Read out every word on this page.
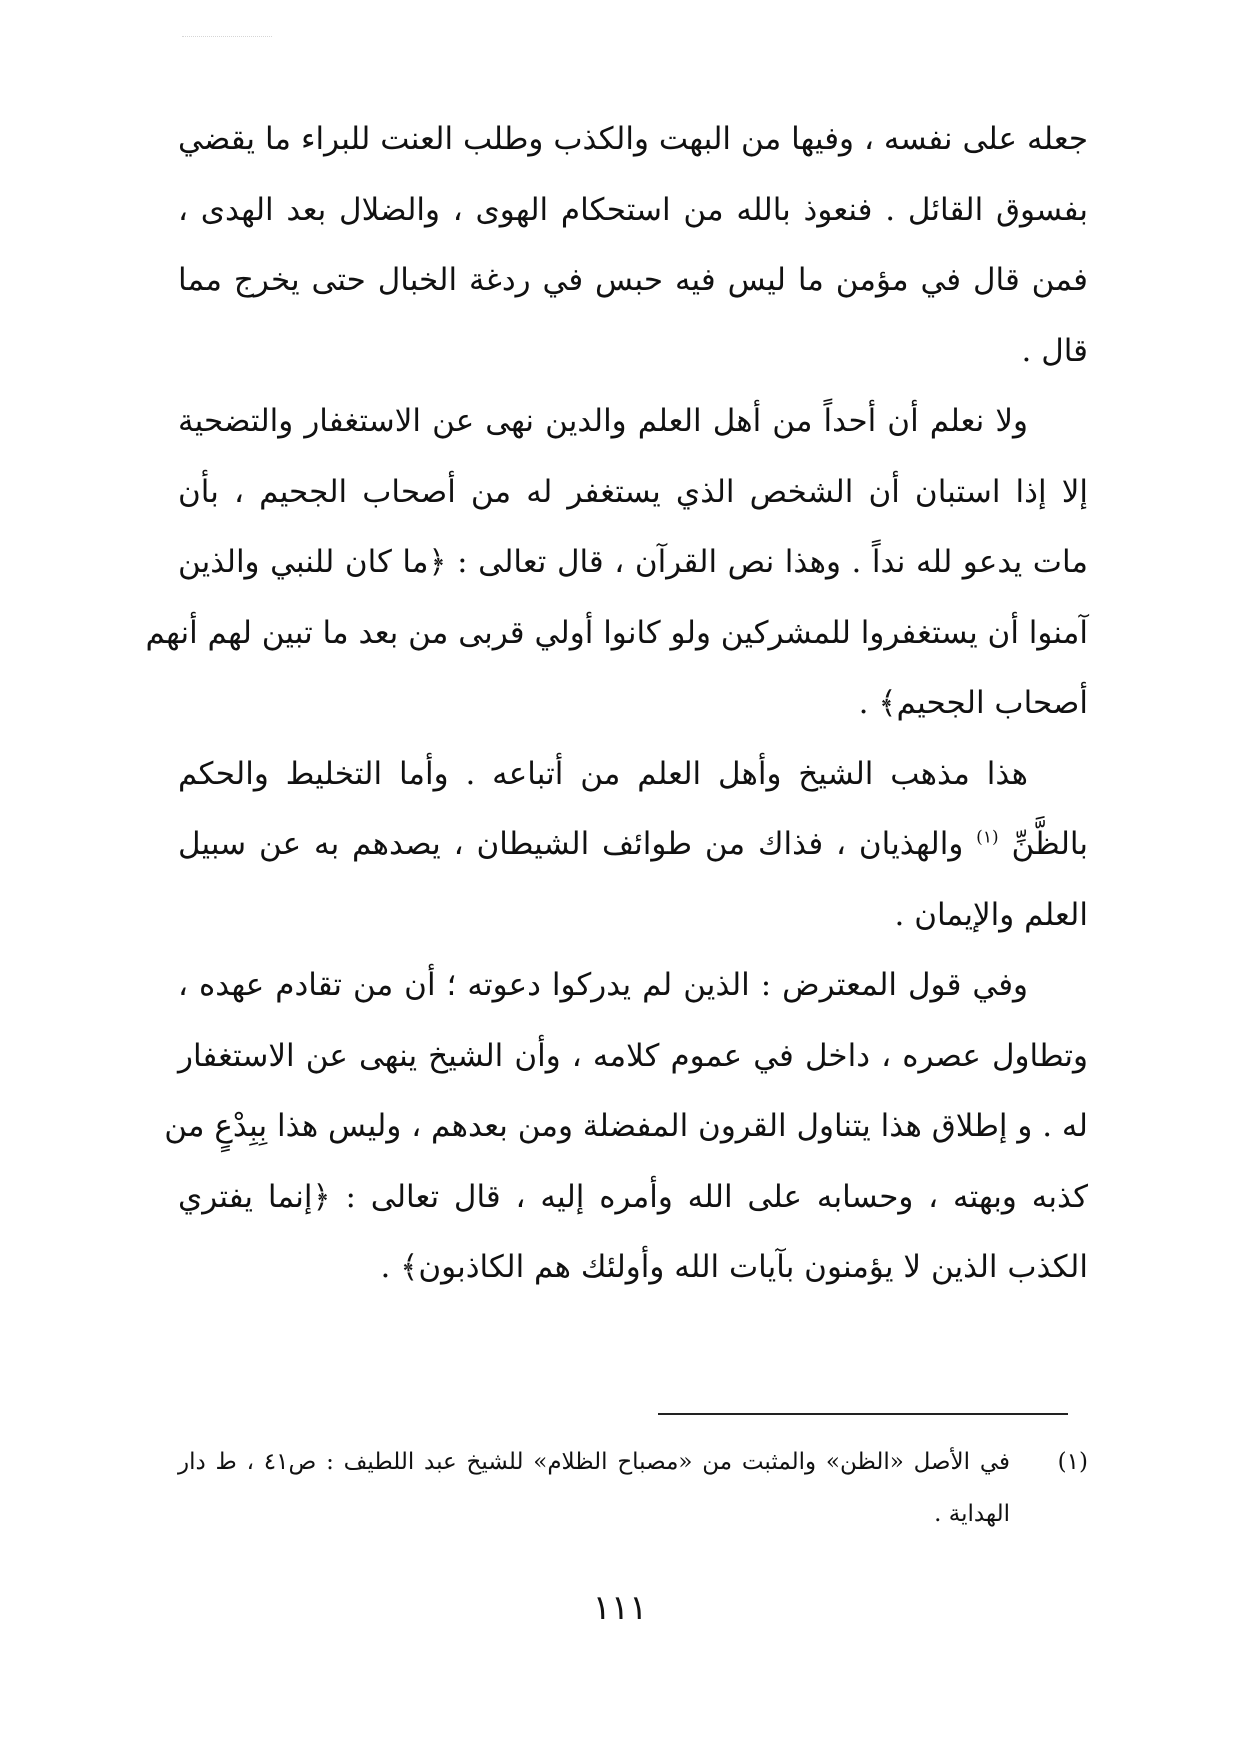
جعله على نفسه ، وفيها من البهت والكذب وطلب العنت للبراء ما يقضي
بفسوق القائل . فنعوذ بالله من استحكام الهوى ، والضلال بعد الهدى ،
فمن قال في مؤمن ما ليس فيه حبس في ردغة الخبال حتى يخرج مما
قال .
ولا نعلم أن أحداً من أهل العلم والدين نهى عن الاستغفار والتضحية
إلا إذا استبان أن الشخص الذي يستغفر له من أصحاب الجحيم ، بأن
مات يدعو لله نداً . وهذا نص القرآن ، قال تعالى : ﴿ما كان للنبي والذين
آمنوا أن يستغفروا للمشركين ولو كانوا أولي قربى من بعد ما تبين لهم أنهم
أصحاب الجحيم﴾ .
هذا مذهب الشيخ وأهل العلم من أتباعه . وأما التخليط والحكم
بالظَّنِّ $^{(١)}$ والهذيان ، فذاك من طوائف الشيطان ، يصدهم به عن سبيل
العلم والإيمان .
وفي قول المعترض : الذين لم يدركوا دعوته ؛ أن من تقادم عهده ،
وتطاول عصره ، داخل في عموم كلامه ، وأن الشيخ ينهى عن الاستغفار
له . و إطلاق هذا يتناول القرون المفضلة ومن بعدهم ، وليس هذا بِبِدْعٍ من
كذبه وبهته ، وحسابه على الله وأمره إليه ، قال تعالى : ﴿إنما يفتري
الكذب الذين لا يؤمنون بآيات الله وأولئك هم الكاذبون﴾ .
(١)في الأصل «الظن» والمثبت من «مصباح الظلام» للشيخ عبد اللطيف : ص٤١ ، ط دار
الهداية .
١١١
